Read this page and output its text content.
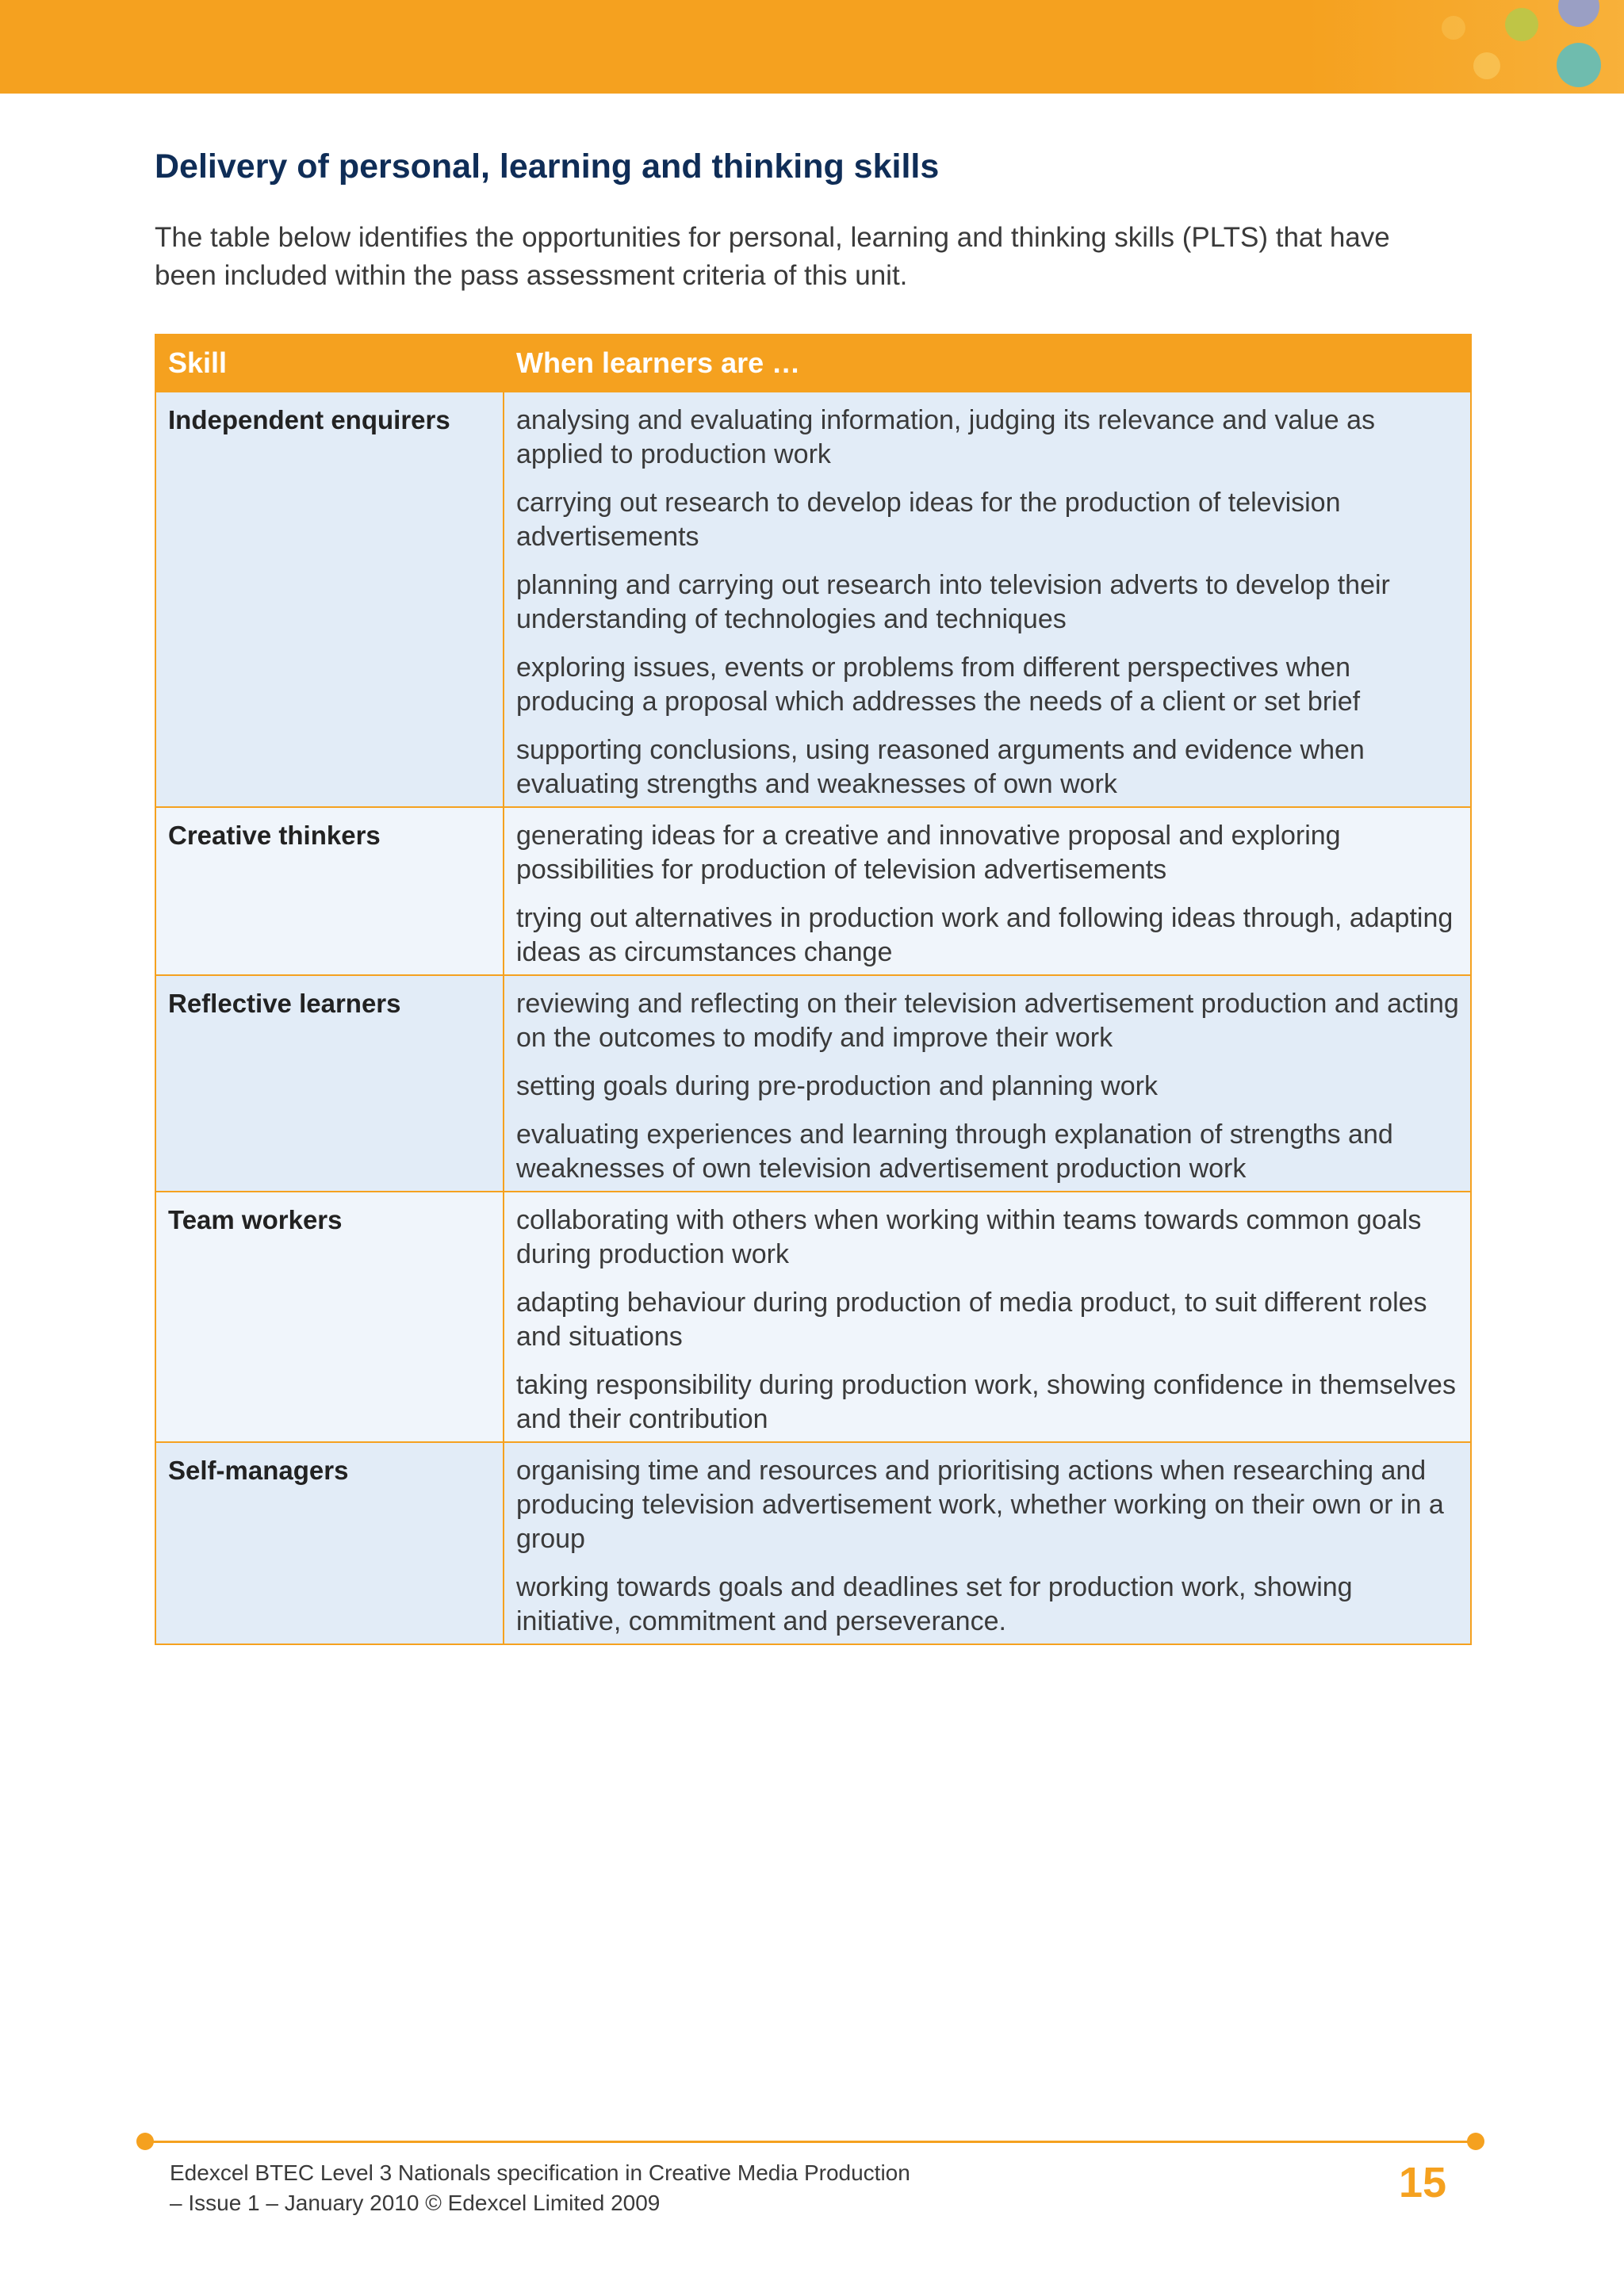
Delivery of personal, learning and thinking skills

The table below identifies the opportunities for personal, learning and thinking skills (PLTS) that have been included within the pass assessment criteria of this unit.

Skill	When learners are …
Independent enquirers	analysing and evaluating information, judging its relevance and value as applied to production work

carrying out research to develop ideas for the production of television advertisements

planning and carrying out research into television adverts to develop their understanding of technologies and techniques

exploring issues, events or problems from different perspectives when producing a proposal which addresses the needs of a client or set brief

supporting conclusions, using reasoned arguments and evidence when evaluating strengths and weaknesses of own work

Creative thinkers	generating ideas for a creative and innovative proposal and exploring possibilities for production of television advertisements

trying out alternatives in production work and following ideas through, adapting ideas as circumstances change

Reflective learners	reviewing and reflecting on their television advertisement production and acting on the outcomes to modify and improve their work

setting goals during pre-production and planning work

evaluating experiences and learning through explanation of strengths and weaknesses of own television advertisement production work

Team workers	collaborating with others when working within teams towards common goals during production work

adapting behaviour during production of media product, to suit different roles and situations

taking responsibility during production work, showing confidence in themselves and their contribution

Self-managers	organising time and resources and prioritising actions when researching and producing television advertisement work, whether working on their own or in a group

working towards goals and deadlines set for production work, showing initiative, commitment and perseverance.

Edexcel BTEC Level 3 Nationals specification in Creative Media Production
– Issue 1 – January 2010 © Edexcel Limited 2009	15
